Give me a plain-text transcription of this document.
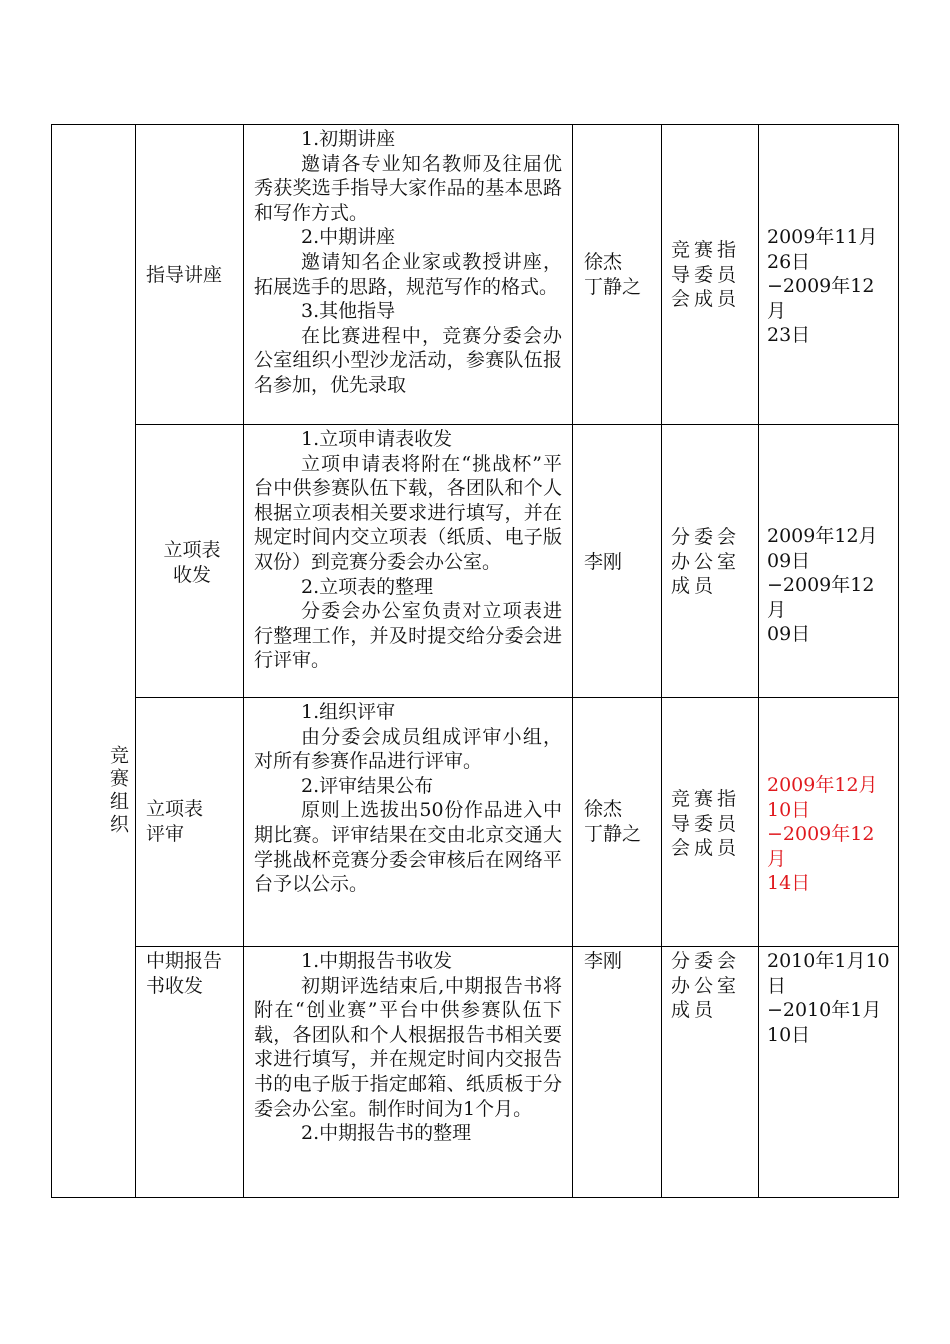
竞赛组织
指导讲座

1.初期讲座

邀请各专业知名教师及往届优秀获奖选手指导大家作品的基本思路和写作方式。

2.中期讲座

邀请知名企业家或教授讲座，拓展选手的思路，规范写作的格式。

3.其他指导

在比赛进程中，竞赛分委会办公室组织小型沙龙活动，参赛队伍报名参加，优先录取

徐杰
丁静之
竞赛指导委员会成员
2009年11月
26日
−2009年12月
23日
立项表收发

1.立项申请表收发

立项申请表将附在“挑战杯”平台中供参赛队伍下载，各团队和个人根据立项表相关要求进行填写，并在规定时间内交立项表（纸质、电子版双份）到竞赛分委会办公室。

2.立项表的整理

分委会办公室负责对立项表进行整理工作，并及时提交给分委会进行评审。

李刚
分委会办公室成员
2009年12月
09日
−2009年12月
09日
立项表评审

1.组织评审

由分委会成员组成评审小组，对所有参赛作品进行评审。

2.评审结果公布

原则上选拔出50份作品进入中期比赛。评审结果在交由北京交通大学挑战杯竞赛分委会审核后在网络平台予以公示。

徐杰
丁静之
竞赛指导委员会成员
2009年12月
10日
−2009年12月
14日
中期报告书收发

1.中期报告书收发

初期评选结束后,中期报告书将附在“创业赛”平台中供参赛队伍下载，各团队和个人根据报告书相关要求进行填写，并在规定时间内交报告书的电子版于指定邮箱、纸质板于分委会办公室。制作时间为1个月。

2.中期报告书的整理

李刚	分委会办公室成员
2010年1月10
日
−2010年1月
10日
